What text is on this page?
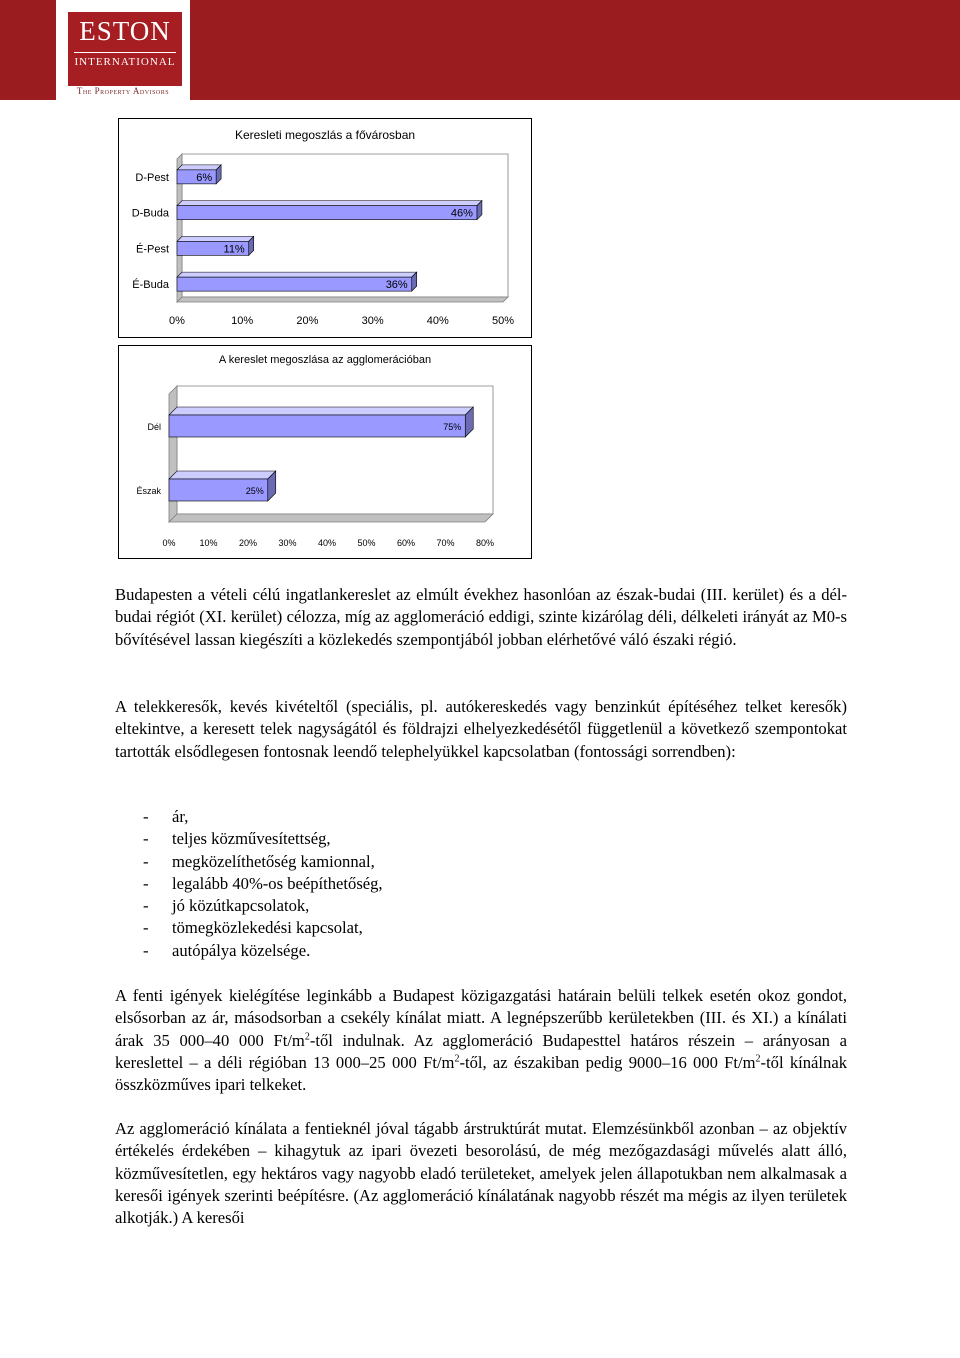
ESTON
INTERNATIONAL
The Property Advisors
Keresleti megoszlás a fővárosban
6%
D-Pest
46%
D-Buda
11%
É-Pest
36%
É-Buda
0%	10%	20%	30%	40%	50%
A kereslet megoszlása az agglomerációban
75%
Dél
25%
Észak
0%	10% 20% 30% 40% 50% 60% 70% 80%

Budapesten a vételi célú ingatlankereslet az elmúlt évekhez hasonlóan az észak-budai (III. kerület) és a dél-budai régiót (XI. kerület) célozza, míg az agglomeráció eddigi, szinte kizárólag déli, délkeleti irányát az M0-s bővítésével lassan kiegészíti a közlekedés szempontjából jobban elérhetővé váló északi régió.

A telekkeresők, kevés kivételtől (speciális, pl. autókereskedés vagy benzinkút építéséhez telket keresők) eltekintve, a keresett telek nagyságától és földrajzi elhelyezkedésétől függetlenül a következő szempontokat tartották elsődlegesen fontosnak leendő telephelyükkel kapcsolatban (fontossági sorrendben):

- ár,
- teljes közművesítettség,
- megközelíthetőség kamionnal,
- legalább 40%-os beépíthetőség,
- jó közútkapcsolatok,
- tömegközlekedési kapcsolat,
- autópálya közelsége.

A fenti igények kielégítése leginkább a Budapest közigazgatási határain belüli telkek esetén okoz gondot, elsősorban az ár, másodsorban a csekély kínálat miatt. A legnépszerűbb kerületekben (III. és XI.) a kínálati árak 35 000–40 000 $Ft/m^2$-től indulnak. Az agglomeráció Budapesttel határos részein – arányosan a kereslettel – a déli régióban 13 000–25 000 $Ft/m^2$-től, az északiban pedig 9000–16 000 $Ft/m^2$-től kínálnak összközműves ipari telkeket.

Az agglomeráció kínálata a fentieknél jóval tágabb árstruktúrát mutat. Elemzésünkből azonban – az objektív értékelés érdekében – kihagytuk az ipari övezeti besorolású, de még mezőgazdasági művelés alatt álló, közművesítetlen, egy hektáros vagy nagyobb eladó területeket, amelyek jelen állapotukban nem alkalmasak a keresői igények szerinti beépítésre. (Az agglomeráció kínálatának nagyobb részét ma mégis az ilyen területek alkotják.) A keresői
